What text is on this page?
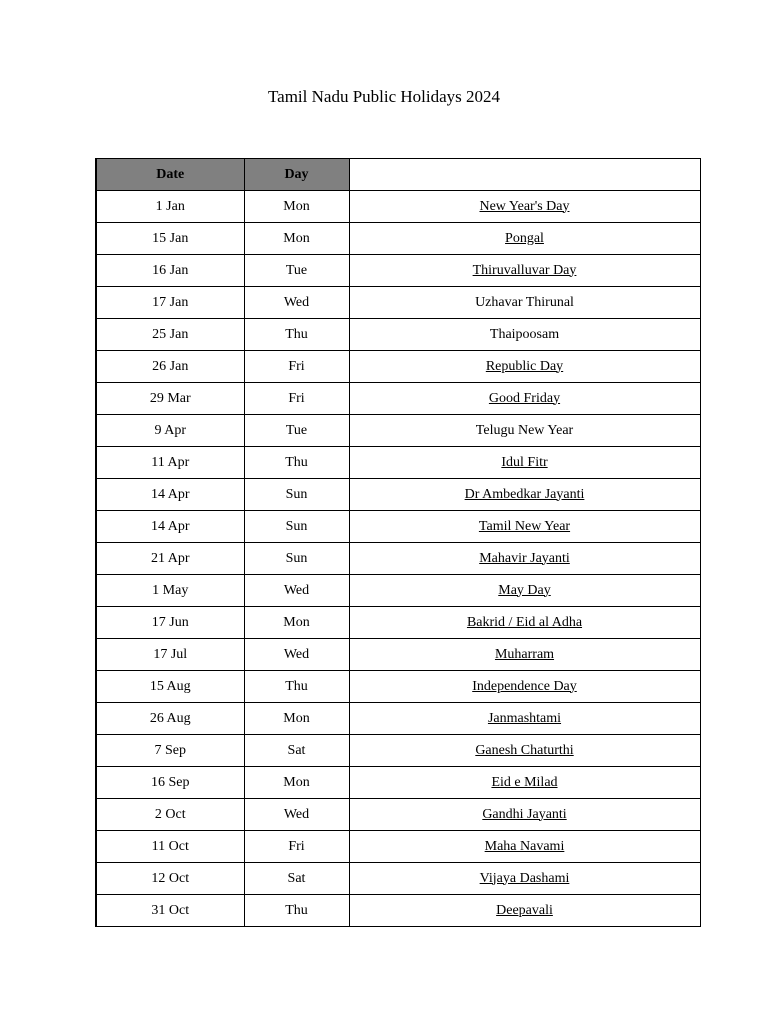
Tamil Nadu Public Holidays 2024
Date	Day	
1 Jan	Mon	New Year's Day
15 Jan	Mon	Pongal
16 Jan	Tue	Thiruvalluvar Day
17 Jan	Wed	Uzhavar Thirunal
25 Jan	Thu	Thaipoosam
26 Jan	Fri	Republic Day
29 Mar	Fri	Good Friday
9 Apr	Tue	Telugu New Year
11 Apr	Thu	Idul Fitr
14 Apr	Sun	Dr Ambedkar Jayanti
14 Apr	Sun	Tamil New Year
21 Apr	Sun	Mahavir Jayanti
1 May	Wed	May Day
17 Jun	Mon	Bakrid / Eid al Adha
17 Jul	Wed	Muharram
15 Aug	Thu	Independence Day
26 Aug	Mon	Janmashtami
7 Sep	Sat	Ganesh Chaturthi
16 Sep	Mon	Eid e Milad
2 Oct	Wed	Gandhi Jayanti
11 Oct	Fri	Maha Navami
12 Oct	Sat	Vijaya Dashami
31 Oct	Thu	Deepavali
